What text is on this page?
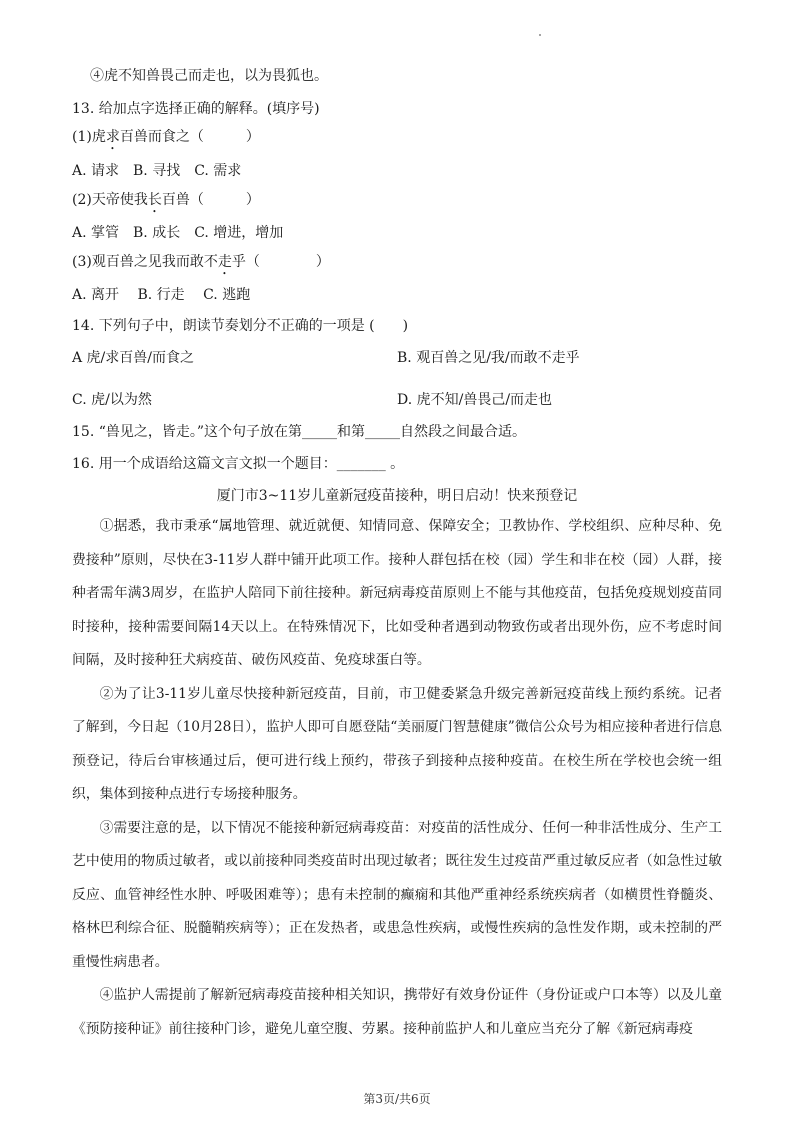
④虎不知兽畏己而走也，以为畏狐也。
13. 给加点字选择正确的解释。(填序号)
(1)虎求百兽而食之（　　　）
A. 请求　B. 寻找　C. 需求
(2)天帝使我长百兽（　　　）
A. 掌管　B. 成长　C. 增进，增加
(3)观百兽之见我而敢不走乎（　　　　）
A. 离开　 B. 行走　 C. 逃跑
14. 下列句子中，朗读节奏划分不正确的一项是 (　　)
A 虎/求百兽/而食之	B. 观百兽之见/我/而敢不走乎
C. 虎/以为然	D. 虎不知/兽畏己/而走也
15. “兽见之，皆走。”这个句子放在第_____和第_____自然段之间最合适。
16. 用一个成语给这篇文言文拟一个题目：_______ 。
厦门市3~11岁儿童新冠疫苗接种，明日启动！快来预登记

①据悉，我市秉承“属地管理、就近就便、知情同意、保障安全；卫教协作、学校组织、应种尽种、免费接种”原则，尽快在3-11岁人群中铺开此项工作。接种人群包括在校（园）学生和非在校（园）人群，接种者需年满3周岁，在监护人陪同下前往接种。新冠病毒疫苗原则上不能与其他疫苗，包括免疫规划疫苗同时接种，接种需要间隔14天以上。在特殊情况下，比如受种者遇到动物致伤或者出现外伤，应不考虑时间间隔，及时接种狂犬病疫苗、破伤风疫苗、免疫球蛋白等。

②为了让3-11岁儿童尽快接种新冠疫苗，目前，市卫健委紧急升级完善新冠疫苗线上预约系统。记者了解到，今日起（10月28日），监护人即可自愿登陆“美丽厦门智慧健康”微信公众号为相应接种者进行信息预登记，待后台审核通过后，便可进行线上预约，带孩子到接种点接种疫苗。在校生所在学校也会统一组织，集体到接种点进行专场接种服务。

③需要注意的是，以下情况不能接种新冠病毒疫苗：对疫苗的活性成分、任何一种非活性成分、生产工艺中使用的物质过敏者，或以前接种同类疫苗时出现过敏者；既往发生过疫苗严重过敏反应者（如急性过敏反应、血管神经性水肿、呼吸困难等）；患有未控制的癫痫和其他严重神经系统疾病者（如横贯性脊髓炎、格林巴利综合征、脱髓鞘疾病等）；正在发热者，或患急性疾病，或慢性疾病的急性发作期，或未控制的严重慢性病患者。

④监护人需提前了解新冠病毒疫苗接种相关知识，携带好有效身份证件（身份证或户口本等）以及儿童《预防接种证》前往接种门诊，避免儿童空腹、劳累。接种前监护人和儿童应当充分了解《新冠病毒疫

第3页/共6页
